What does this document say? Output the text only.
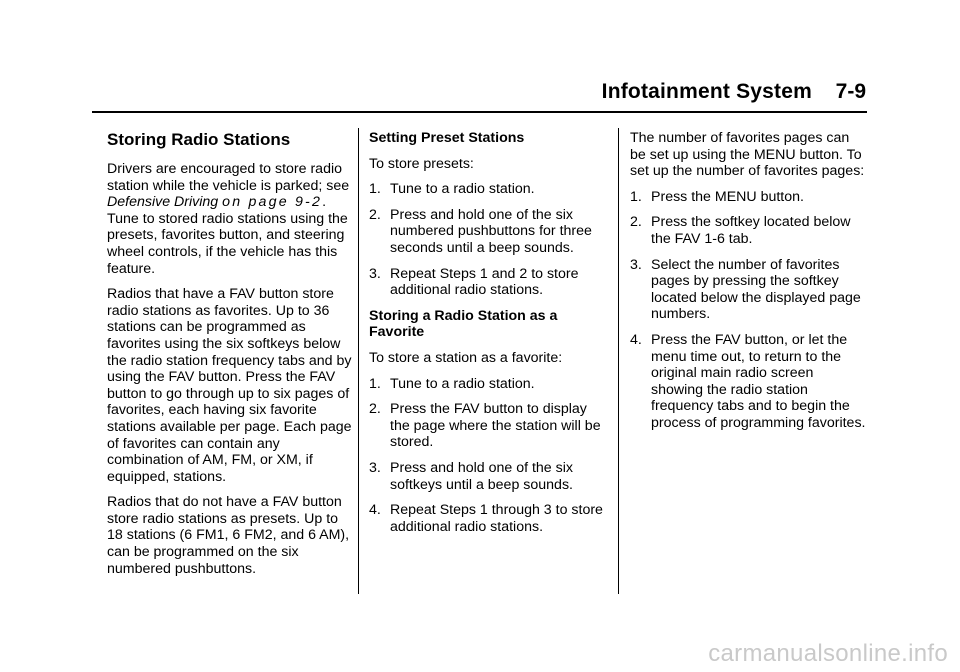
Infotainment System 7-9
Storing Radio Stations

Drivers are encouraged to store radio station while the vehicle is parked; see Defensive Driving on page 9-2. Tune to stored radio stations using the presets, favorites button, and steering wheel controls, if the vehicle has this feature.

Radios that have a FAV button store radio stations as favorites. Up to 36 stations can be programmed as favorites using the six softkeys below the radio station frequency tabs and by using the FAV button. Press the FAV button to go through up to six pages of favorites, each having six favorite stations available per page. Each page of favorites can contain any combination of AM, FM, or XM, if equipped, stations.

Radios that do not have a FAV button store radio stations as presets. Up to 18 stations (6 FM1, 6 FM2, and 6 AM), can be programmed on the six numbered pushbuttons.

Setting Preset Stations

To store presets:

1. Tune to a radio station.
2. Press and hold one of the six numbered pushbuttons for three seconds until a beep sounds.
3. Repeat Steps 1 and 2 to store additional radio stations.

Storing a Radio Station as a Favorite

To store a station as a favorite:

1. Tune to a radio station.
2. Press the FAV button to display the page where the station will be stored.
3. Press and hold one of the six softkeys until a beep sounds.
4. Repeat Steps 1 through 3 to store additional radio stations.

The number of favorites pages can be set up using the MENU button. To set up the number of favorites pages:

1. Press the MENU button.
2. Press the softkey located below the FAV 1-6 tab.
3. Select the number of favorites pages by pressing the softkey located below the displayed page numbers.
4. Press the FAV button, or let the menu time out, to return to the original main radio screen showing the radio station frequency tabs and to begin the process of programming favorites.
carmanualsonline.info
